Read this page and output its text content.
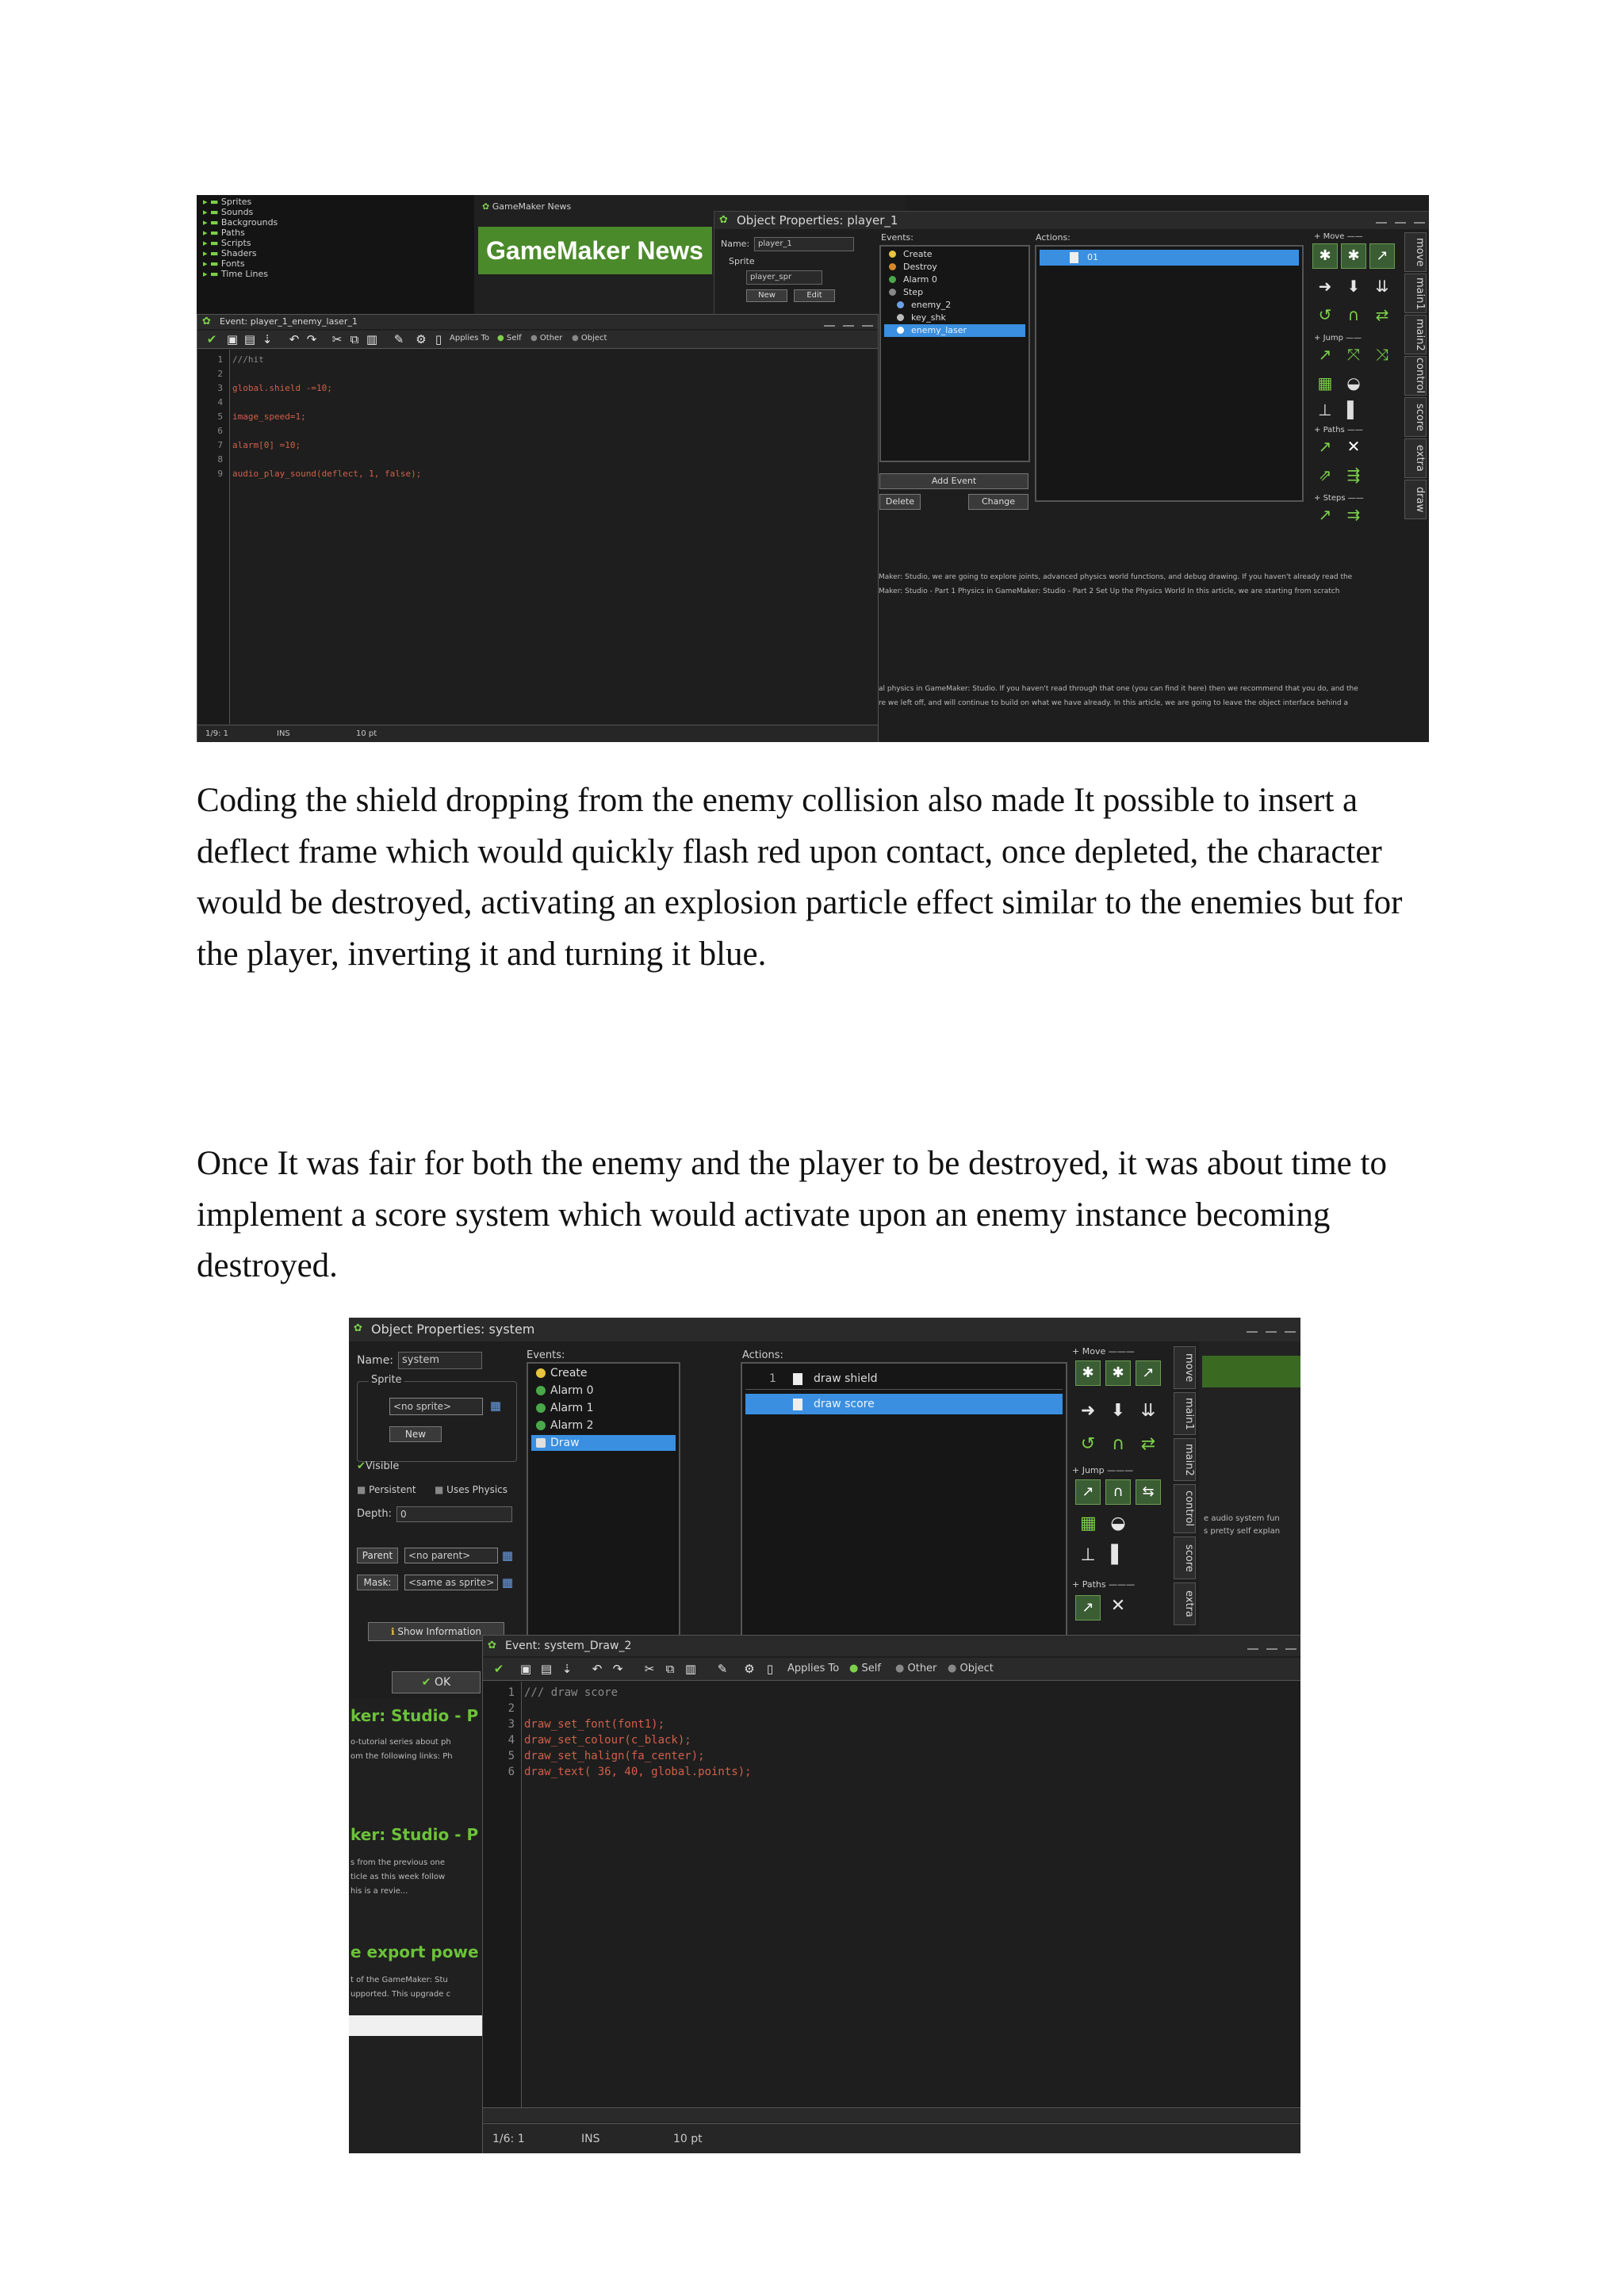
▸ ▬ Sprites
▸ ▬ Sounds
▸ ▬ Backgrounds
▸ ▬ Paths
▸ ▬ Scripts
▸ ▬ Shaders
▸ ▬ Fonts
▸ ▬ Time Lines
✿ GameMaker News
GameMaker News
✿ Object Properties: player_1
Name:	player_1
Sprite
player_spr
New	Edit
Events:
Create
Destroy
Alarm 0
Step
enemy_2
key_shk
enemy_laser
Add Event
Delete	Change
Actions:
01
+ Move ——
✱	✱	↗
➜ ⬇ ⇊
↺ ∩ ⇄
+ Jump ——
↗ ⤧ ⤨
▦ ◒
⊥ ▌
+ Paths ——
↗ ✕
⇗ ⇶
+ Steps ——
↗ ⇉
move
main1
main2
control
score
extra
draw
Maker: Studio, we are going to explore joints, advanced physics world functions, and debug drawing. If you haven't already read the
Maker: Studio - Part 1 Physics in GameMaker: Studio - Part 2 Set Up the Physics World In this article, we are starting from scratch
al physics in GameMaker: Studio. If you haven't read through that one (you can find it here) then we recommend that you do, and the
re we left off, and will continue to build on what we have already. In this article, we are going to leave the object interface behind a
✿ Event: player_1_enemy_laser_1
✔ ▣ ▤ ⇣ ↶ ↷ ✂ ⧉ ▥ ✎ ⚙ ▯ Applies To ● Self ● Other ● Object
1 ///hit
2
3 global.shield -=10;
4
5 image_speed=1;
6
7 alarm[0] =10;
8
9 audio_play_sound(deflect, 1, false);
1/9: 1	INS	10 pt

Coding the shield dropping from the enemy collision also made It possible to insert a deflect frame which would quickly flash red upon contact, once depleted, the character would be destroyed, activating an explosion particle effect similar to the enemies but for the player, inverting it and turning it blue.

Once It was fair for both the enemy and the player to be destroyed, it was about time to implement a score system which would activate upon an enemy instance becoming destroyed.

✿ Object Properties: system
Name: system
Sprite
<no sprite>	▦
New
✔Visible
■ Persistent ■ Uses Physics
Depth: 0
Parent	<no parent>	▦
Mask:	<same as sprite> ▦
ℹ Show Information
✔ OK
Events:
Create
Alarm 0
Alarm 1
Alarm 2
Draw
Actions:
1	draw shield
draw score
+ Move ———
✱	✱	↗
➜ ⬇ ⇊
↺ ∩ ⇄
+ Jump ———
↗	∩	⇆
▦ ◒
⊥ ▌
+ Paths ———
↗ ✕
move
main1
main2
control
score
extra
e audio system fun
s pretty self explan
ker: Studio - P
o-tutorial series about ph
om the following links: Ph
ker: Studio - P
s from the previous one
ticle as this week follow
his is a revie...
e export powe
t of the GameMaker: Stu
upported. This upgrade c
✿ Event: system_Draw_2
✔ ▣ ▤ ⇣ ↶ ↷ ✂ ⧉ ▥ ✎ ⚙	▯	Applies To ● Self ● Other ● Object
1 /// draw score
2
3 draw_set_font(font1);
4 draw_set_colour(c_black);
5 draw_set_halign(fa_center);
6 draw_text( 36, 40, global.points);
1/6: 1	INS	10 pt
